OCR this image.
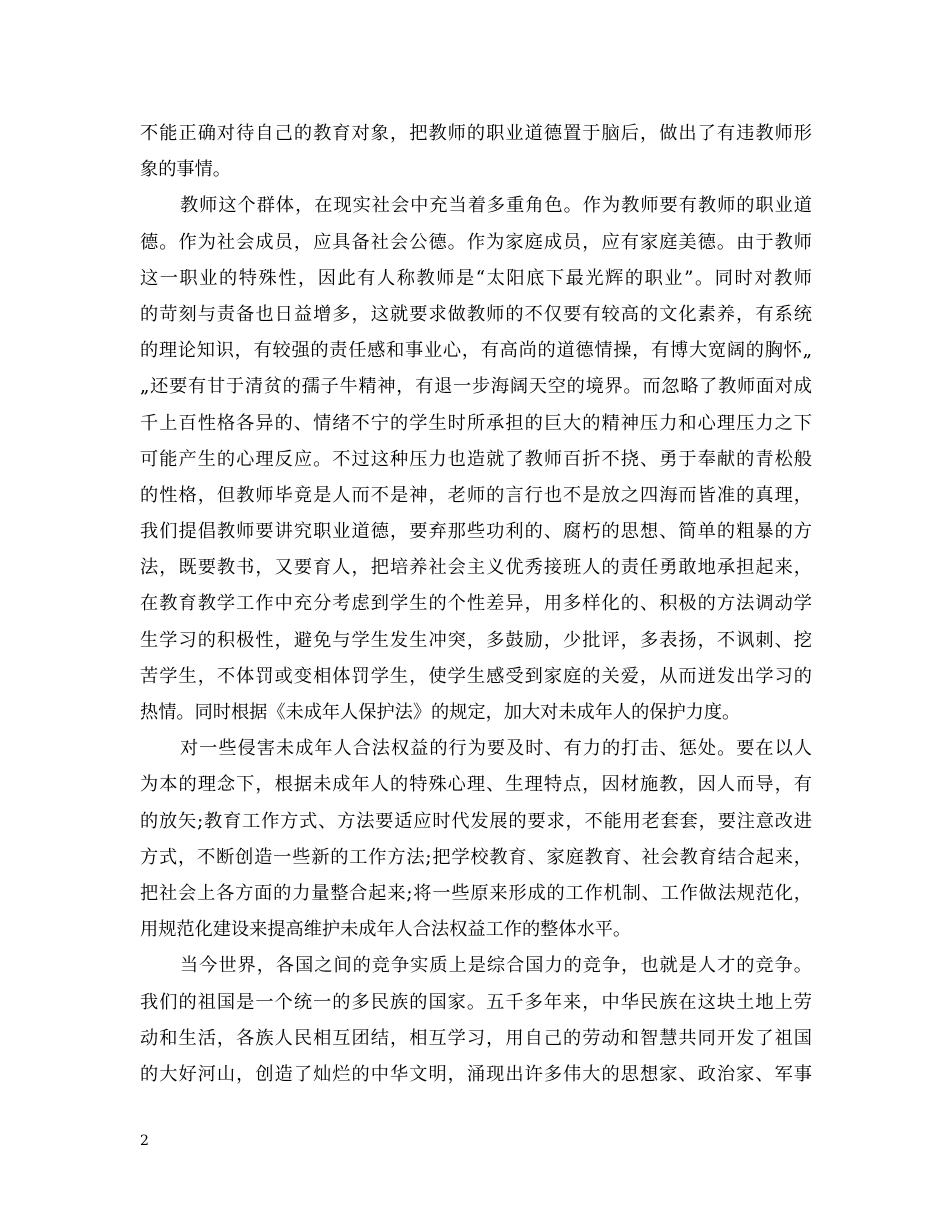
不能正确对待自己的教育对象，把教师的职业道德置于脑后，做出了有违教师形
象的事情。
教师这个群体，在现实社会中充当着多重角色。作为教师要有教师的职业道
德。作为社会成员，应具备社会公德。作为家庭成员，应有家庭美德。由于教师
这一职业的特殊性，因此有人称教师是“太阳底下最光辉的职业”。同时对教师
的苛刻与责备也日益增多，这就要求做教师的不仅要有较高的文化素养，有系统
的理论知识，有较强的责任感和事业心，有高尚的道德情操，有博大宽阔的胸怀„
„还要有甘于清贫的孺子牛精神，有退一步海阔天空的境界。而忽略了教师面对成
千上百性格各异的、情绪不宁的学生时所承担的巨大的精神压力和心理压力之下
可能产生的心理反应。不过这种压力也造就了教师百折不挠、勇于奉献的青松般
的性格，但教师毕竟是人而不是神，老师的言行也不是放之四海而皆准的真理，
我们提倡教师要讲究职业道德，要弃那些功利的、腐朽的思想、简单的粗暴的方
法，既要教书，又要育人，把培养社会主义优秀接班人的责任勇敢地承担起来，
在教育教学工作中充分考虑到学生的个性差异，用多样化的、积极的方法调动学
生学习的积极性，避免与学生发生冲突，多鼓励，少批评，多表扬，不讽刺、挖
苦学生，不体罚或变相体罚学生，使学生感受到家庭的关爱，从而迸发出学习的
热情。同时根据《未成年人保护法》的规定，加大对未成年人的保护力度。
对一些侵害未成年人合法权益的行为要及时、有力的打击、惩处。要在以人
为本的理念下，根据未成年人的特殊心理、生理特点，因材施教，因人而导，有
的放矢;教育工作方式、方法要适应时代发展的要求，不能用老套套，要注意改进
方式，不断创造一些新的工作方法;把学校教育、家庭教育、社会教育结合起来，
把社会上各方面的力量整合起来;将一些原来形成的工作机制、工作做法规范化，
用规范化建设来提高维护未成年人合法权益工作的整体水平。
当今世界，各国之间的竞争实质上是综合国力的竞争，也就是人才的竞争。
我们的祖国是一个统一的多民族的国家。五千多年来，中华民族在这块土地上劳
动和生活，各族人民相互团结，相互学习，用自己的劳动和智慧共同开发了祖国
的大好河山，创造了灿烂的中华文明，涌现出许多伟大的思想家、政治家、军事
2
